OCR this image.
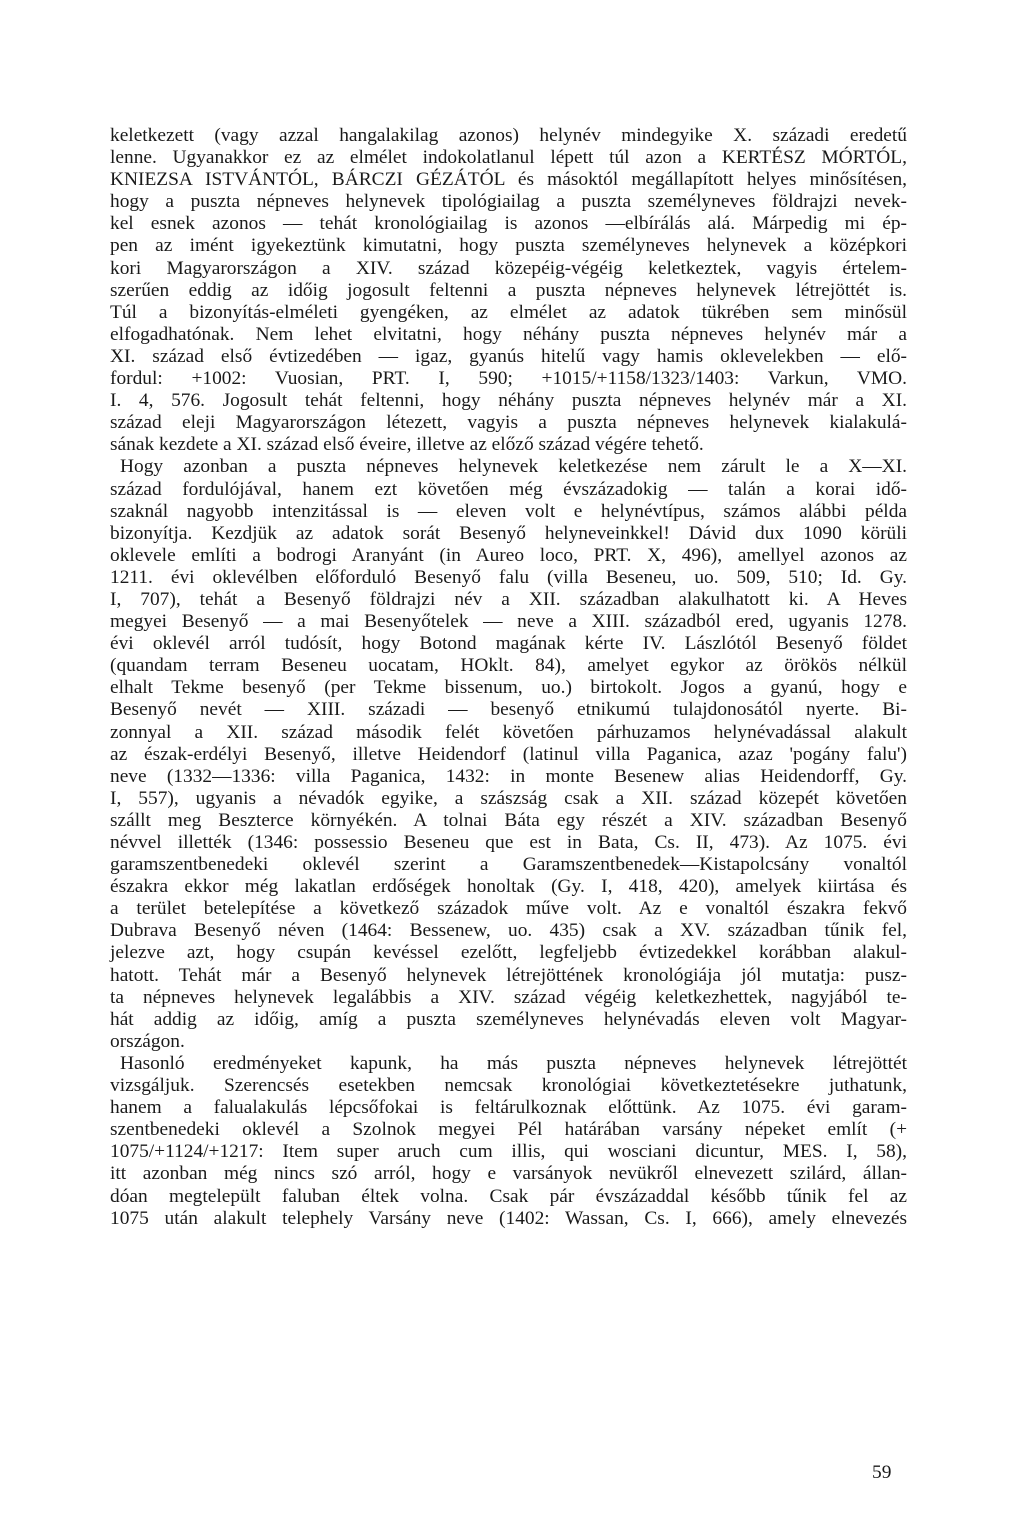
keletkezett (vagy azzal hangalakilag azonos) helynév mindegyike X. századi eredetű
lenne. Ugyanakkor ez az elmélet indokolatlanul lépett túl azon a KERTÉSZ MÓRTÓL,
KNIEZSA ISTVÁNTÓL, BÁRCZI GÉZÁTÓL és másoktól megállapított helyes minősítésen,
hogy a puszta népneves helynevek tipológiailag a puszta személyneves földrajzi nevek-
kel esnek azonos — tehát kronológiailag is azonos —elbírálás alá. Márpedig mi ép-
pen az imént igyekeztünk kimutatni, hogy puszta személyneves helynevek a középkori
kori Magyarországon a XIV. század közepéig-végéig keletkeztek, vagyis értelem-
szerűen eddig az időig jogosult feltenni a puszta népneves helynevek létrejöttét is.
Túl a bizonyítás-elméleti gyengéken, az elmélet az adatok tükrében sem minősül
elfogadhatónak. Nem lehet elvitatni, hogy néhány puszta népneves helynév már a
XI. század első évtizedében — igaz, gyanús hitelű vagy hamis oklevelekben — elő-
fordul: +1002: Vuosian, PRT. I, 590; +1015/+1158/1323/1403: Varkun, VMO.
I. 4, 576. Jogosult tehát feltenni, hogy néhány puszta népneves helynév már a XI.
század eleji Magyarországon létezett, vagyis a puszta népneves helynevek kialakulá-
sának kezdete a XI. század első éveire, illetve az előző század végére tehető.
Hogy azonban a puszta népneves helynevek keletkezése nem zárult le a X—XI.
század fordulójával, hanem ezt követően még évszázadokig — talán a korai idő-
szaknál nagyobb intenzitással is — eleven volt e helynévtípus, számos alábbi példa
bizonyítja. Kezdjük az adatok sorát Besenyő helyneveinkkel! Dávid dux 1090 körüli
oklevele említi a bodrogi Aranyánt (in Aureo loco, PRT. X, 496), amellyel azonos az
1211. évi oklevélben előforduló Besenyő falu (villa Beseneu, uo. 509, 510; Id. Gy.
I, 707), tehát a Besenyő földrajzi név a XII. században alakulhatott ki. A Heves
megyei Besenyő — a mai Besenyőtelek — neve a XIII. századból ered, ugyanis 1278.
évi oklevél arról tudósít, hogy Botond magának kérte IV. Lászlótól Besenyő földet
(quandam terram Beseneu uocatam, HOklt. 84), amelyet egykor az örökös nélkül
elhalt Tekme besenyő (per Tekme bissenum, uo.) birtokolt. Jogos a gyanú, hogy e
Besenyő nevét — XIII. századi — besenyő etnikumú tulajdonosától nyerte. Bi-
zonnyal a XII. század második felét követően párhuzamos helynévadással alakult
az észak-erdélyi Besenyő, illetve Heidendorf (latinul villa Paganica, azaz 'pogány falu')
neve (1332—1336: villa Paganica, 1432: in monte Besenew alias Heidendorff, Gy.
I, 557), ugyanis a névadók egyike, a szászság csak a XII. század közepét követően
szállt meg Beszterce környékén. A tolnai Báta egy részét a XIV. században Besenyő
névvel illették (1346: possessio Beseneu que est in Bata, Cs. II, 473). Az 1075. évi
garamszentbenedeki oklevél szerint a Garamszentbenedek—Kistapolcsány vonaltól
északra ekkor még lakatlan erdőségek honoltak (Gy. I, 418, 420), amelyek kiirtása és
a terület betelepítése a következő századok műve volt. Az e vonaltól északra fekvő
Dubrava Besenyő néven (1464: Bessenew, uo. 435) csak a XV. században tűnik fel,
jelezve azt, hogy csupán kevéssel ezelőtt, legfeljebb évtizedekkel korábban alakul-
hatott. Tehát már a Besenyő helynevek létrejöttének kronológiája jól mutatja: pusz-
ta népneves helynevek legalábbis a XIV. század végéig keletkezhettek, nagyjából te-
hát addig az időig, amíg a puszta személyneves helynévadás eleven volt Magyar-
országon.
Hasonló eredményeket kapunk, ha más puszta népneves helynevek létrejöttét
vizsgáljuk. Szerencsés esetekben nemcsak kronológiai következtetésekre juthatunk,
hanem a falualakulás lépcsőfokai is feltárulkoznak előttünk. Az 1075. évi garam-
szentbenedeki oklevél a Szolnok megyei Pél határában varsány népeket említ (+
1075/+1124/+1217: Item super aruch cum illis, qui wosciani dicuntur, MES. I, 58),
itt azonban még nincs szó arról, hogy e varsányok nevükről elnevezett szilárd, állan-
dóan megtelepült faluban éltek volna. Csak pár évszázaddal később tűnik fel az
1075 után alakult telephely Varsány neve (1402: Wassan, Cs. I, 666), amely elnevezés
59
